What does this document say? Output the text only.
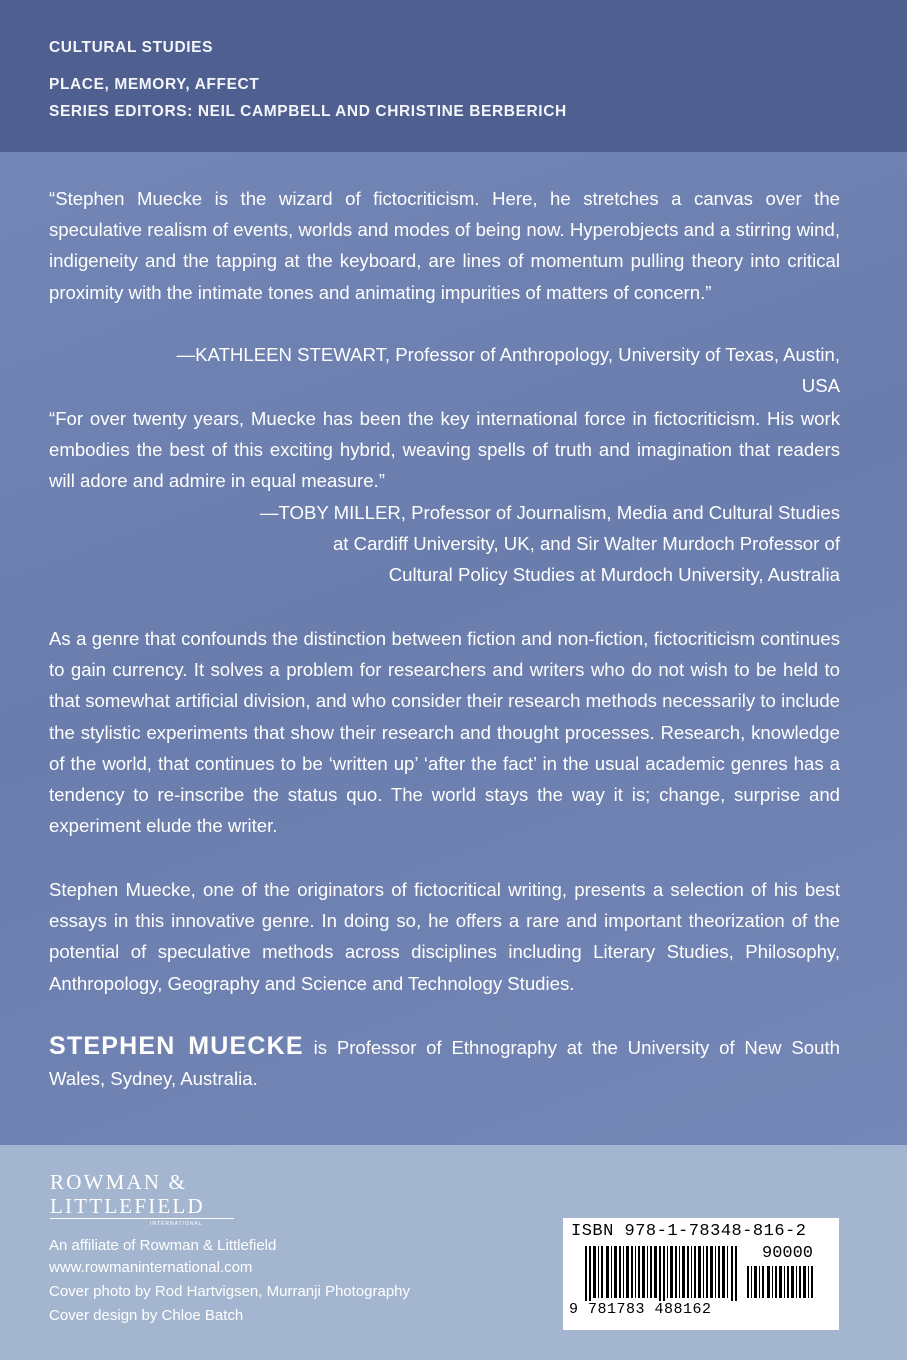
CULTURAL STUDIES
PLACE, MEMORY, AFFECT
SERIES EDITORS: NEIL CAMPBELL AND CHRISTINE BERBERICH

“Stephen Muecke is the wizard of fictocriticism. Here, he stretches a canvas over the speculative realism of events, worlds and modes of being now. Hyperobjects and a stirring wind, indigeneity and the tapping at the keyboard, are lines of momentum pulling theory into critical proximity with the intimate tones and animating impurities of matters of concern.”

—KATHLEEN STEWART, Professor of Anthropology, University of Texas, Austin, USA

“For over twenty years, Muecke has been the key international force in fictocriticism. His work embodies the best of this exciting hybrid, weaving spells of truth and imagination that readers will adore and admire in equal measure.”

—TOBY MILLER, Professor of Journalism, Media and Cultural Studies

at Cardiff University, UK, and Sir Walter Murdoch Professor of

Cultural Policy Studies at Murdoch University, Australia

As a genre that confounds the distinction between fiction and non-fiction, fictocriticism continues to gain currency. It solves a problem for researchers and writers who do not wish to be held to that somewhat artificial division, and who consider their research methods necessarily to include the stylistic experiments that show their research and thought processes. Research, knowledge of the world, that continues to be ‘written up’ ‘after the fact’ in the usual academic genres has a tendency to re-inscribe the status quo. The world stays the way it is; change, surprise and experiment elude the writer.

Stephen Muecke, one of the originators of fictocritical writing, presents a selection of his best essays in this innovative genre. In doing so, he offers a rare and important theorization of the potential of speculative methods across disciplines including Literary Studies, Philosophy, Anthropology, Geography and Science and Technology Studies.

STEPHEN MUECKE is Professor of Ethnography at the University of New South Wales, Sydney, Australia.

ROWMAN &
LITTLEFIELD
INTERNATIONAL
An affiliate of Rowman & Littlefield
www.rowmaninternational.com
Cover photo by Rod Hartvigsen, Murranji Photography
Cover design by Chloe Batch
ISBN 978-1-78348-816-2
90000
9 781783 488162
